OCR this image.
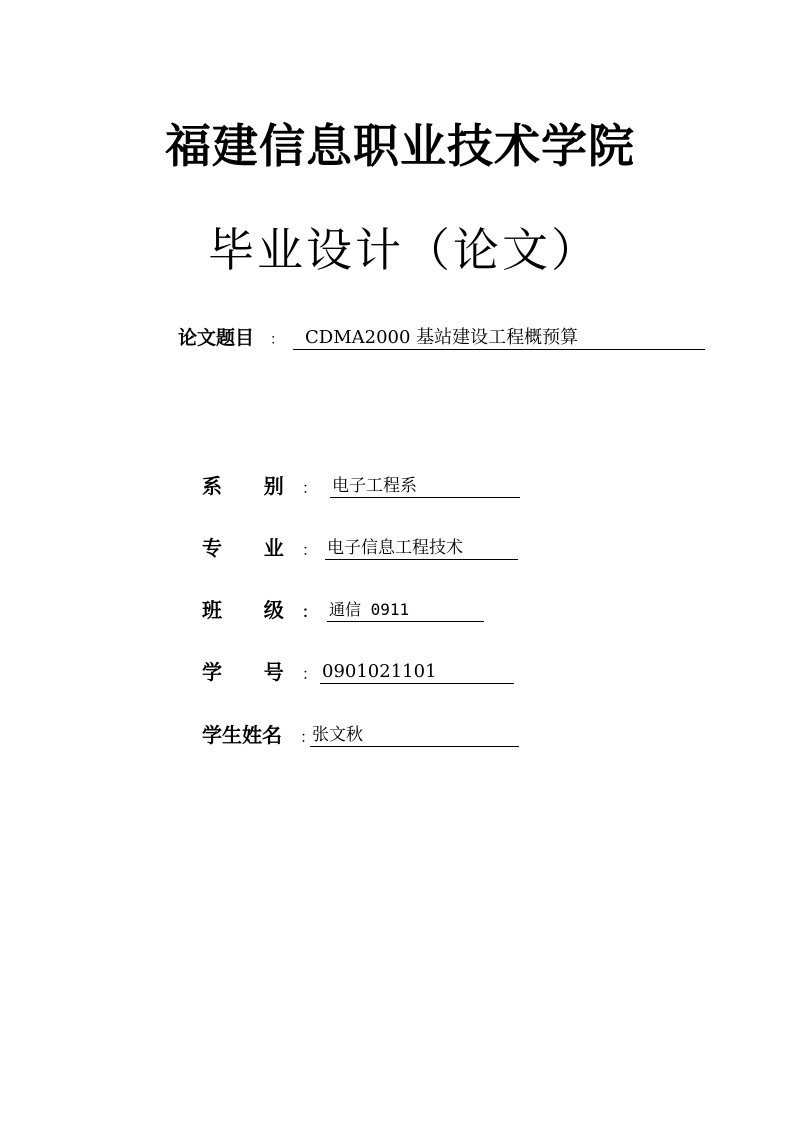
福建信息职业技术学院
毕业设计（论文）
论文题目 ： CDMA2000 基站建设工程概预算
系      别 ： 电子工程系
专      业 ： 电子信息工程技术
班      级 ： 通信 0911
学      号 ： 0901021101
学生姓名 ：
张文秋
